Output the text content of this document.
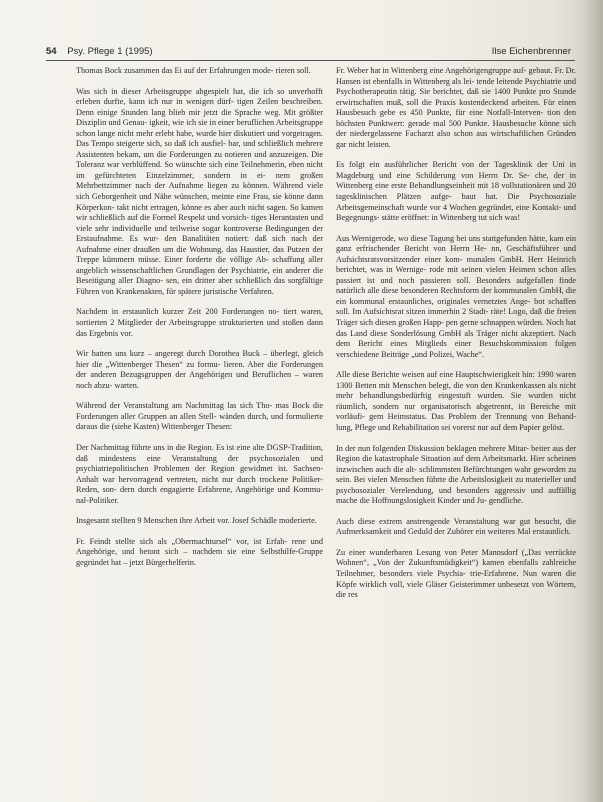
54 Psy. Pflege 1 (1995)	Ilse Eichenbrenner

Thomas Bock zusammen das Ei auf der Erfahrungen mode- rieren soll.

Was sich in dieser Arbeitsgruppe abgespielt hat, die ich so unverhofft erleben durfte, kann ich nur in wenigen dürf- tigen Zeilen beschreiben. Denn einige Stunden lang blieb mir jetzt die Sprache weg. Mit größter Disziplin und Genau- igkeit, wie ich sie in einer beruflichen Arbeitsgruppe schon lange nicht mehr erlebt habe, wurde hier diskutiert und vorgetragen. Das Tempo steigerte sich, so daß ich ausfiel- bar, und schließlich mehrere Assistenten bekam, um die Forderungen zu notieren und anzuzeigen. Die Toleranz war verblüffend. So wünschte sich eine Teilnehmerin, eben nicht im gefürchteten Einzelzimmer, sondern in ei- nem großen Mehrbettzimmer nach der Aufnahme liegen zu können. Während viele sich Geborgenheit und Nähe wünschen, meinte eine Frau, sie könne dann Körperkon- takt nicht ertragen, könne es aber auch nicht sagen. So kamen wir schließlich auf die Formel Respekt und vorsich- tiges Herantasten und viele sehr individuelle und teilweise sogar kontroverse Bedingungen der Erstaufnahme. Es wur- den Banalitäten notiert: daß sich nach der Aufnahme einer draußen um die Wohnung, das Haustier, das Putzen der Treppe kümmern müsse. Einer forderte die völlige Ab- schaffung aller angeblich wissenschaftlichen Grundlagen der Psychiatrie, ein anderer die Beseitigung aller Diagno- sen, ein dritter aber schließlich das sorgfältige Führen von Krankenakten, für spätere juristische Verfahren.

Nachdem in erstaunlich kurzer Zeit 200 Forderungen no- tiert waren, sortierten 2 Mitglieder der Arbeitsgruppe strukturierten und stoßen dann das Ergebnis vor.

Wir hatten uns kurz – angeregt durch Dorothea Buck – überlegt, gleich hier die „Wittenberger Thesen“ zu formu- lieren. Aber die Forderungen der anderen Bezugsgruppen der Angehörigen und Beruflichen – waren noch abzu- warten.

Während der Veranstaltung am Nachmittag las sich Tho- mas Bock die Forderungen aller Gruppen an allen Stell- wänden durch, und formulierte daraus die (siehe Kasten) Wittenberger Thesen:

Der Nachmittag führte uns in die Region. Es ist eine alte DGSP-Tradition, daß mindestens eine Veranstaltung der psychosozialen und psychiatriepolitischen Problemen der Region gewidmet ist. Sachsen-Anhalt war hervorragend vertreten, nicht nur durch trockene Politiker-Reden, son- dern durch engagierte Erfahrene, Angehörige und Kommu- nal-Politiker.

Insgesamt stellten 9 Menschen ihre Arbeit vor. Josef Schädle moderierte.

Fr. Feindt stellte sich als „Obermachtursel“ vor, ist Erfah- rene und Angehörige, und betont sich – nachdem sie eine Selbsthilfe-Gruppe gegründet hat – jetzt Bürgerhelferin.

Fr. Weber hat in Wittenberg eine Angehörigengruppe auf- gebaut. Fr. Dr. Hansen ist ebenfalls in Wittenberg als lei- tende leitende Psychiatrie und Psychotherapeutin tätig. Sie berichtet, daß sie 1400 Punkte pro Stunde erwirtschaften muß, soll die Praxis kostendeckend arbeiten. Für einen Hausbesuch gebe es 450 Punkte, für eine Notfall-Interven- tion den höchsten Punktwert: gerade mal 500 Punkte. Hausbesuche könne sich der niedergelassene Facharzt also schon aus wirtschaftlichen Gründen gar nicht leisten.

Es folgt ein ausführlicher Bericht von der Tagesklinik der Uni in Magdeburg und eine Schilderung von Herrn Dr. Se- che, der in Wittenberg eine erste Behandlungseinheit mit 18 vollstationären und 20 tagesklinischen Plätzen aufge- baut hat. Die Psychosoziale Arbeitsgemeinschaft wurde vor 4 Wochen gegründet, eine Kontakt- und Begegnungs- stätte eröffnet: in Wittenberg tut sich was!

Aus Wernigerode, wo diese Tagung bei uns stattgefunden hätte, kam ein ganz erfrischender Bericht von Herrn He- nn, Geschäftsführer und Aufsichtsratsvorsitzender einer kom- munalen GmbH. Herr Heinrich berichtet, was in Wernige- rode mit seinen vielen Heimen schon alles passiert ist und noch passieren soll. Besonders aufgefallen finde natürlich alle diese besonderen Rechtsform der kommunalen GmbH, die ein kommunal erstaunliches, originales vernetztes Ange- bot schaffen soll. Im Aufsichtsrat sitzen immerhin 2 Stadt- räte! Logo, daß die freien Träger sich diesen großen Happ- pen gerne schnappen würden. Noch hat das Land diese Sonderlösung GmbH als Träger nicht akzeptiert. Nach dem Bericht eines Mitglieds einer Besuchskommission folgen verschiedene Beiträge „und Polizei, Wache“.

Alle diese Berichte weisen auf eine Hauptschwierigkeit hin: 1990 waren 1300 Betten mit Menschen belegt, die von den Krankenkassen als nicht mehr behandlungsbedürftig eingestuft wurden. Sie wurden nicht räumlich, sondern nur organisatorisch abgetrennt, in Bereiche mit vorläufi- gem Heimstatus. Das Problem der Trennung von Behand- lung, Pflege und Rehabilitation sei vorerst nur auf dem Papier gelöst.

In der nun folgenden Diskussion beklagen mehrere Mitar- beiter aus der Region die katastrophale Situation auf dem Arbeitsmarkt. Hier scheinen inzwischen auch die alt- schlimmsten Befürchtungen wahr geworden zu sein. Bei vielen Menschen führte die Arbeitslosigkeit zu materieller und psychosozialer Verelendung, und besonders aggressiv und auffällig mache die Hoffnungslosigkeit Kinder und Ju- gendliche.

Auch diese extrem anstrengende Veranstaltung war gut besucht, die Aufmerksamkeit und Geduld der Zuhörer ein weiteres Mal erstaunlich.

Zu einer wunderbaren Lesung von Peter Mannsdorf („Das verrückte Wohnen“, „Von der Zukunftsmüdigkeit“) kamen ebenfalls zahlreiche Teilnehmer, besonders viele Psychia- trie-Erfahrene. Nun waren die Köpfe wirklich voll, viele Gläser Geisterimmer unbesetzt von Wörtern, die res
